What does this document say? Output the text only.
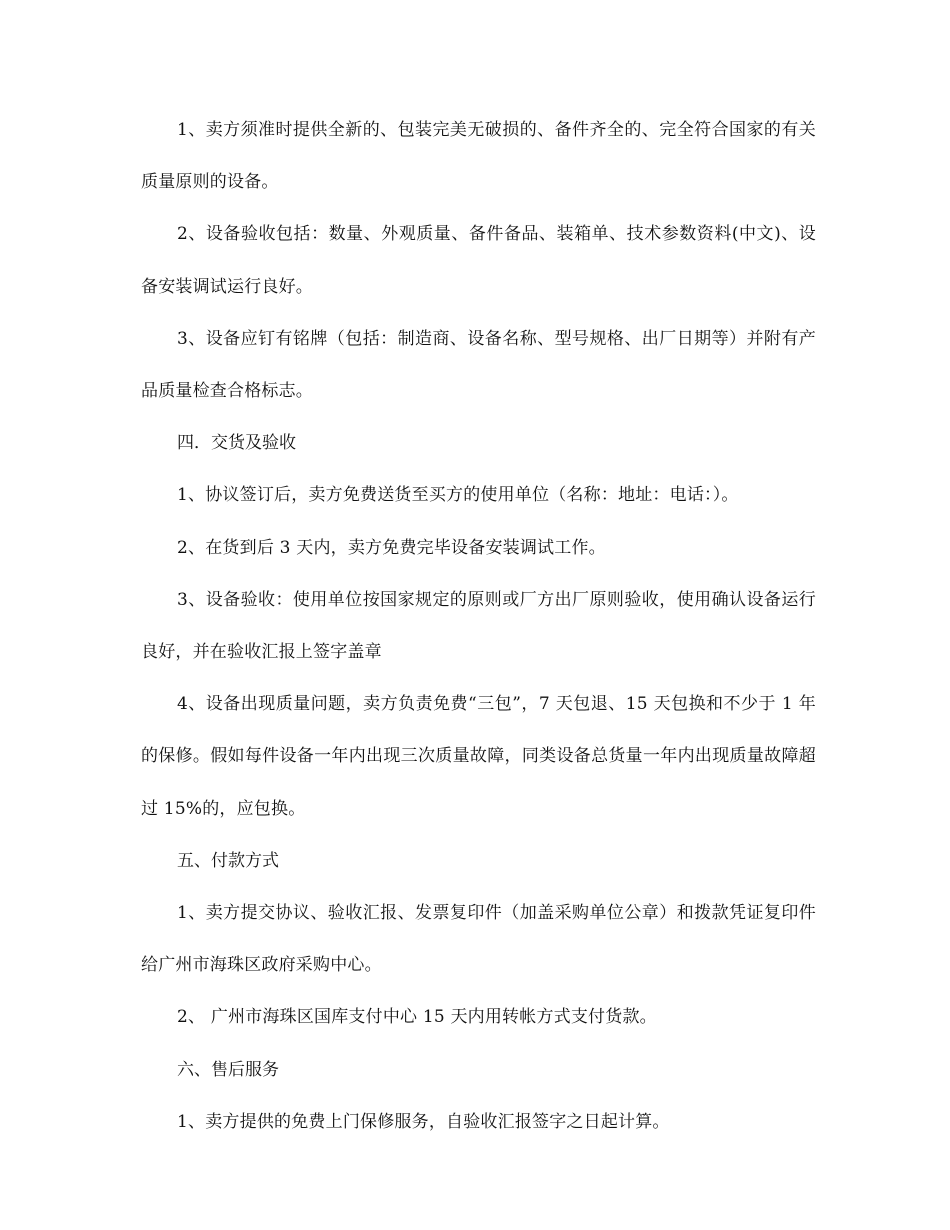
1、卖方须准时提供全新的、包装完美无破损的、备件齐全的、完全符合国家的有关质量原则的设备。

2、设备验收包括：数量、外观质量、备件备品、装箱单、技术参数资料(中文)、设备安装调试运行良好。

3、设备应钉有铭牌（包括：制造商、设备名称、型号规格、出厂日期等）并附有产品质量检查合格标志。

四．交货及验收

1、协议签订后，卖方免费送货至买方的使用单位（名称：地址：电话：）。

2、在货到后 3 天内，卖方免费完毕设备安装调试工作。

3、设备验收：使用单位按国家规定的原则或厂方出厂原则验收，使用确认设备运行良好，并在验收汇报上签字盖章

4、设备出现质量问题，卖方负责免费“三包”，7 天包退、15 天包换和不少于 1 年的保修。假如每件设备一年内出现三次质量故障，同类设备总货量一年内出现质量故障超过 15%的，应包换。

五、付款方式

1、卖方提交协议、验收汇报、发票复印件（加盖采购单位公章）和拨款凭证复印件给广州市海珠区政府采购中心。

2、 广州市海珠区国库支付中心 15 天内用转帐方式支付货款。

六、售后服务

1、卖方提供的免费上门保修服务，自验收汇报签字之日起计算。
